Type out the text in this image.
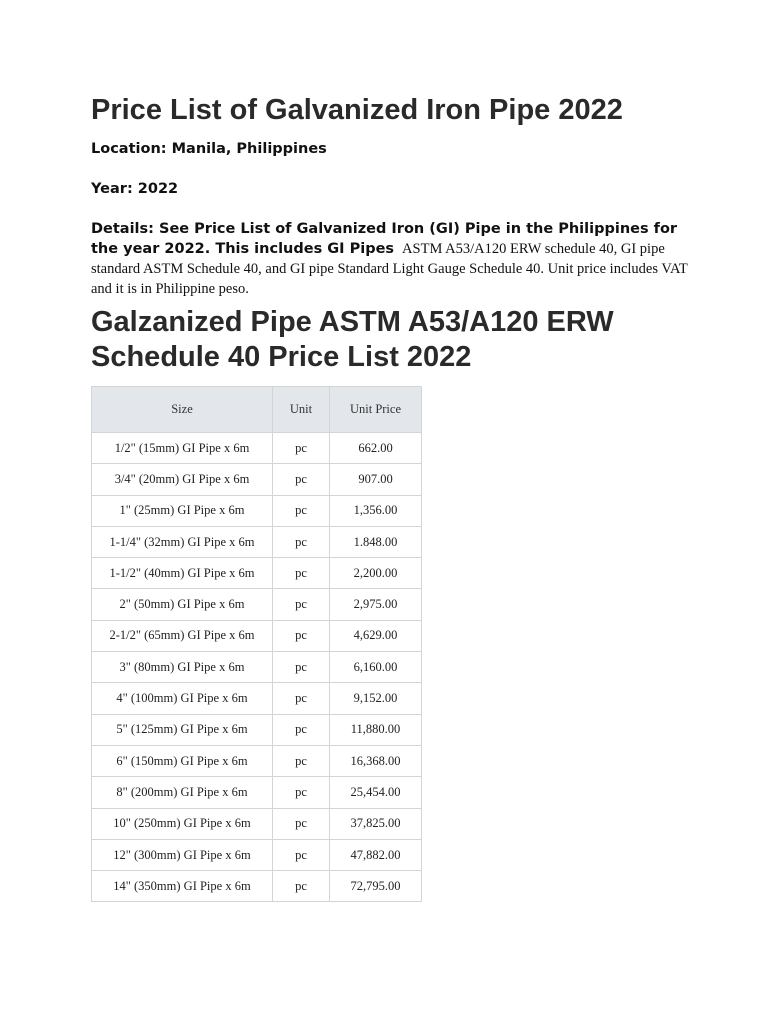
Price List of Galvanized Iron Pipe 2022

Location: Manila, Philippines

Year: 2022

Details: See Price List of Galvanized Iron (GI) Pipe in the Philippines for the year 2022. This includes GI Pipes ASTM A53/A120 ERW schedule 40, GI pipe standard ASTM Schedule 40, and GI pipe Standard Light Gauge Schedule 40. Unit price includes VAT and it is in Philippine peso.

Galzanized Pipe ASTM A53/A120 ERW Schedule 40 Price List 2022
Size	Unit	Unit Price
1/2" (15mm) GI Pipe x 6m	pc	662.00
3/4" (20mm) GI Pipe x 6m	pc	907.00
1" (25mm) GI Pipe x 6m	pc	1,356.00
1-1/4" (32mm) GI Pipe x 6m	pc	1.848.00
1-1/2" (40mm) GI Pipe x 6m	pc	2,200.00
2" (50mm) GI Pipe x 6m	pc	2,975.00
2-1/2" (65mm) GI Pipe x 6m	pc	4,629.00
3" (80mm) GI Pipe x 6m	pc	6,160.00
4" (100mm) GI Pipe x 6m	pc	9,152.00
5" (125mm) GI Pipe x 6m	pc	11,880.00
6" (150mm) GI Pipe x 6m	pc	16,368.00
8" (200mm) GI Pipe x 6m	pc	25,454.00
10" (250mm) GI Pipe x 6m	pc	37,825.00
12" (300mm) GI Pipe x 6m	pc	47,882.00
14" (350mm) GI Pipe x 6m	pc	72,795.00
